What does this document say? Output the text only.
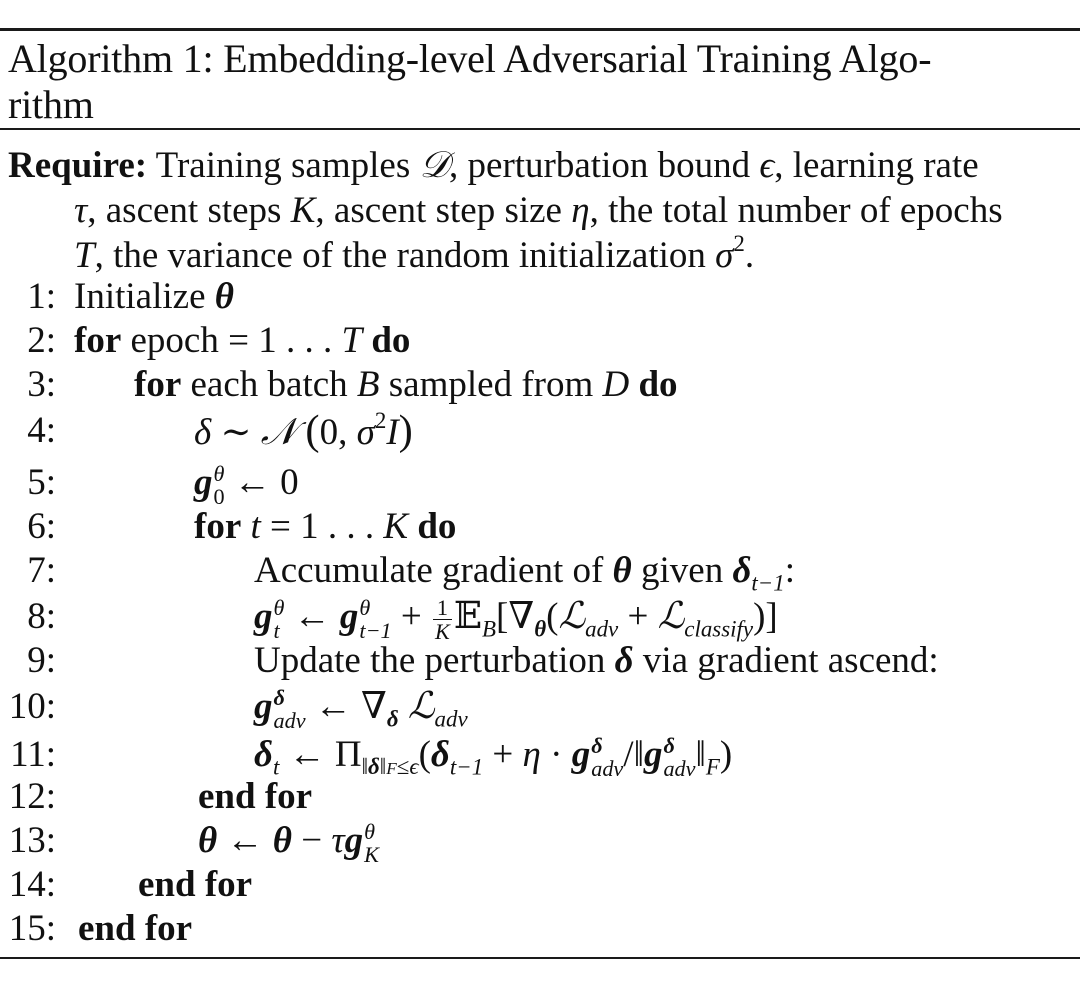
Algorithm 1: Embedding-level Adversarial Training Algo-
rithm
Require: Training samples 𝒟, perturbation bound ϵ, learning rate
τ, ascent steps K, ascent step size η, the total number of epochs
T, the variance of the random initialization $\sigma^2$.
1: Initialize θ
2: for epoch = 1 . . . T do
3: for each batch B sampled from D do
4:	δ ∼ 𝒩 (0, $\sigma^2I$)
5:	g θ
0 ← 0
6:	for t = 1 . . . K do
7:	Accumulate gradient of θ given $\delta_{t-1}$:
8:	g θ
t ← g θ
$t-1 + \frac{1}{K}$ $𝔼_B[\nabla_\theta(ℒ_{adv}$ + ℒ$_{classify}$)]
9:	Update the perturbation δ via gradient ascend:
10:	g δ
adv ← $\nabla_\delta$ ℒ$_{adv}$
11:	$\delta_t$ ← $\Pi_{‖\delta‖F\le\epsilon}(\delta_{t-1} + \eta \cdot g$ δ
adv /‖g δ
adv $‖_F$)
12:	end for
13:	θ ← θ − τg θ
K
14: end for
15: end for
